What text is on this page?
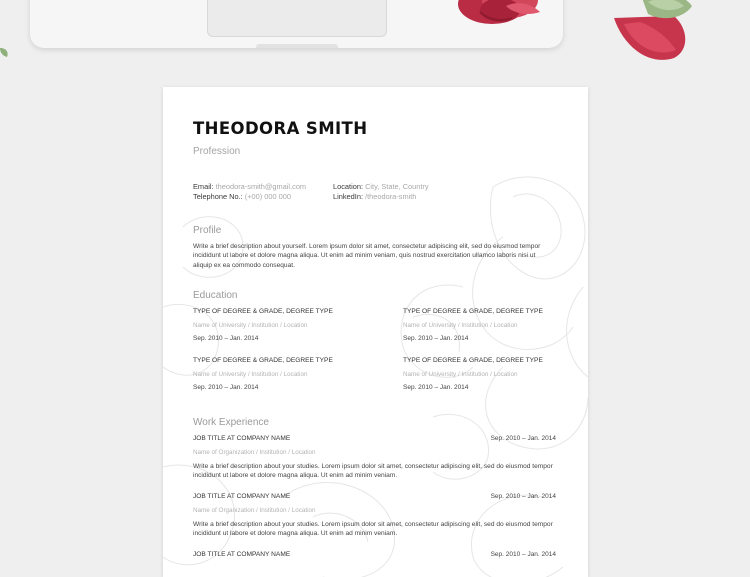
THEODORA SMITH
Profession
Email: theodora-smith@gmail.com
Telephone No.: (+00) 000 000
Location: City, State, Country
LinkedIn: /theodora-smith
Profile
Write a brief description about yourself. Lorem ipsum dolor sit amet, consectetur adipiscing elit, sed do eiusmod tempor incididunt ut labore et dolore magna aliqua. Ut enim ad minim veniam, quis nostrud exercitation ullamco laboris nisi ut aliquip ex ea commodo consequat.
Education
TYPE OF DEGREE & GRADE, DEGREE TYPE
Name of University / Institution / Location
Sep. 2010 – Jan. 2014
TYPE OF DEGREE & GRADE, DEGREE TYPE
Name of University / Institution / Location
Sep. 2010 – Jan. 2014
TYPE OF DEGREE & GRADE, DEGREE TYPE
Name of University / Institution / Location
Sep. 2010 – Jan. 2014
TYPE OF DEGREE & GRADE, DEGREE TYPE
Name of University / Institution / Location
Sep. 2010 – Jan. 2014
Work Experience
JOB TITLE AT COMPANY NAME	Sep. 2010 – Jan. 2014
Name of Organization / Institution / Location
Write a brief description about your studies. Lorem ipsum dolor sit amet, consectetur adipiscing elit, sed do eiusmod tempor incididunt ut labore et dolore magna aliqua. Ut enim ad minim veniam.
JOB TITLE AT COMPANY NAME	Sep. 2010 – Jan. 2014
Name of Organization / Institution / Location
Write a brief description about your studies. Lorem ipsum dolor sit amet, consectetur adipiscing elit, sed do eiusmod tempor incididunt ut labore et dolore magna aliqua. Ut enim ad minim veniam.
JOB TITLE AT COMPANY NAME	Sep. 2010 – Jan. 2014
